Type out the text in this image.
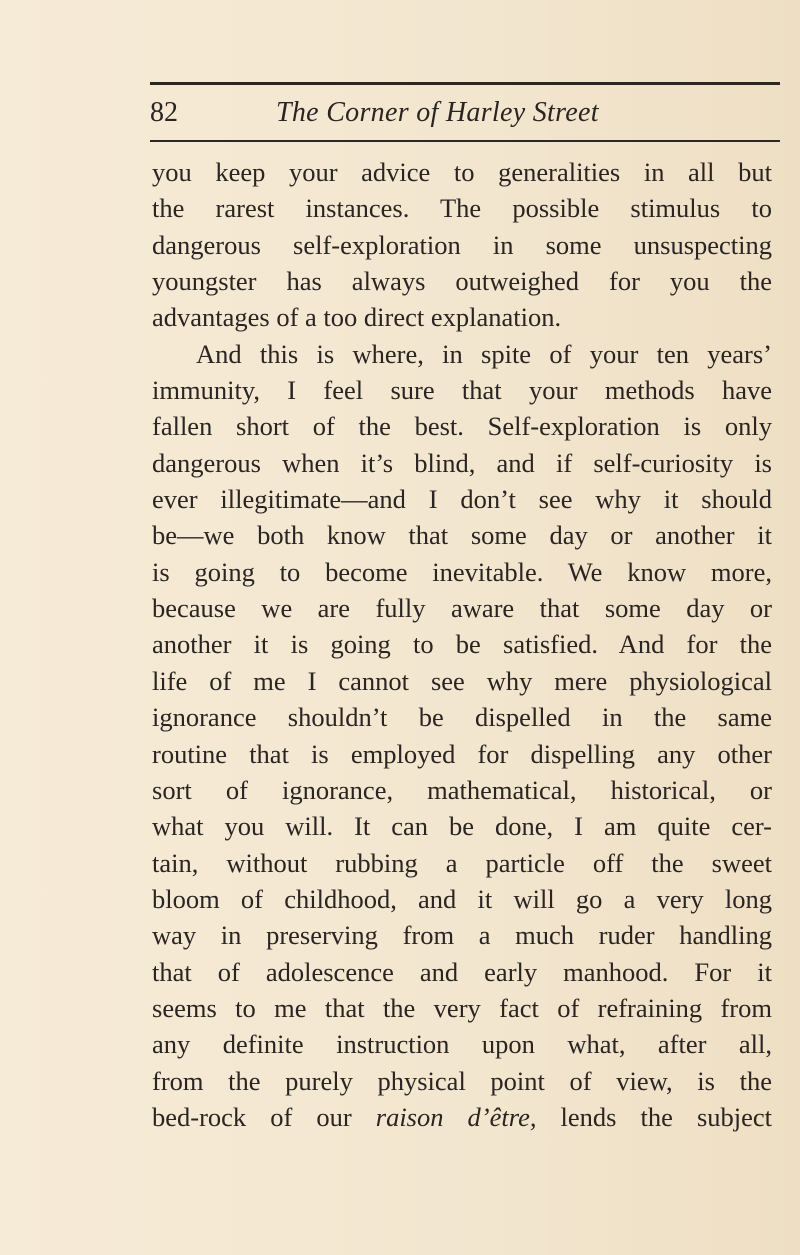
82	The Corner of Harley Street
you keep your advice to generalities in all but
the rarest instances. The possible stimulus to
dangerous self-exploration in some unsuspecting
youngster has always outweighed for you the
advantages of a too direct explanation.
And this is where, in spite of your ten years’
immunity, I feel sure that your methods have
fallen short of the best. Self-exploration is only
dangerous when it’s blind, and if self-curiosity is
ever illegitimate—and I don’t see why it should
be—we both know that some day or another it
is going to become inevitable. We know more,
because we are fully aware that some day or
another it is going to be satisfied. And for the
life of me I cannot see why mere physiological
ignorance shouldn’t be dispelled in the same
routine that is employed for dispelling any other
sort of ignorance, mathematical, historical, or
what you will. It can be done, I am quite cer-
tain, without rubbing a particle off the sweet
bloom of childhood, and it will go a very long
way in preserving from a much ruder handling
that of adolescence and early manhood. For it
seems to me that the very fact of refraining from
any definite instruction upon what, after all,
from the purely physical point of view, is the
bed-rock of our raison d’être, lends the subject
